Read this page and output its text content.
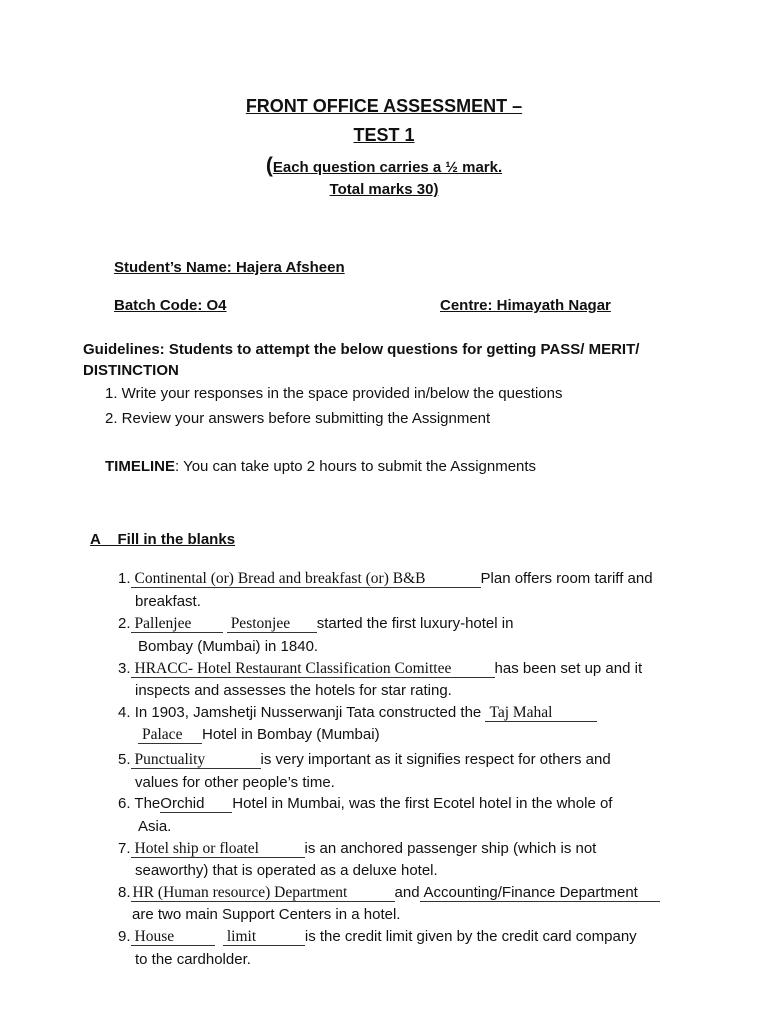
FRONT OFFICE ASSESSMENT –
TEST 1
(Each question carries a ½ mark.
Total marks 30)
Student’s Name: Hajera Afsheen
Batch Code: O4	Centre: Himayath Nagar
Guidelines: Students to attempt the below questions for getting PASS/ MERIT/
DISTINCTION
1. Write your responses in the space provided in/below the questions
2. Review your answers before submitting the Assignment
TIMELINE: You can take upto 2 hours to submit the Assignments
A Fill in the blanks
1. Continental (or) Bread and breakfast (or) B&B	Plan offers room tariff and
breakfast.
2. Pallenjee	Pestonjee started the first luxury-hotel in
Bombay (Mumbai) in 1840.
3. HRACC- Hotel Restaurant Classification Comittee	has been set up and it
inspects and assesses the hotels for star rating.
4. In 1903, Jamshetji Nusserwanji Tata constructed the Taj Mahal
Palace Hotel in Bombay (Mumbai)
5. Punctuality	is very important as it signifies respect for others and
values for other people’s time.
6. TheOrchid Hotel in Mumbai, was the first Ecotel hotel in the whole of
Asia.
7. Hotel ship or floatel	is an anchored passenger ship (which is not
seaworthy) that is operated as a deluxe hotel.
8. HR (Human resource) Department	and Accounting/Finance Department
are two main Support Centers in a hotel.
9. House	limit	is the credit limit given by the credit card company
to the cardholder.
